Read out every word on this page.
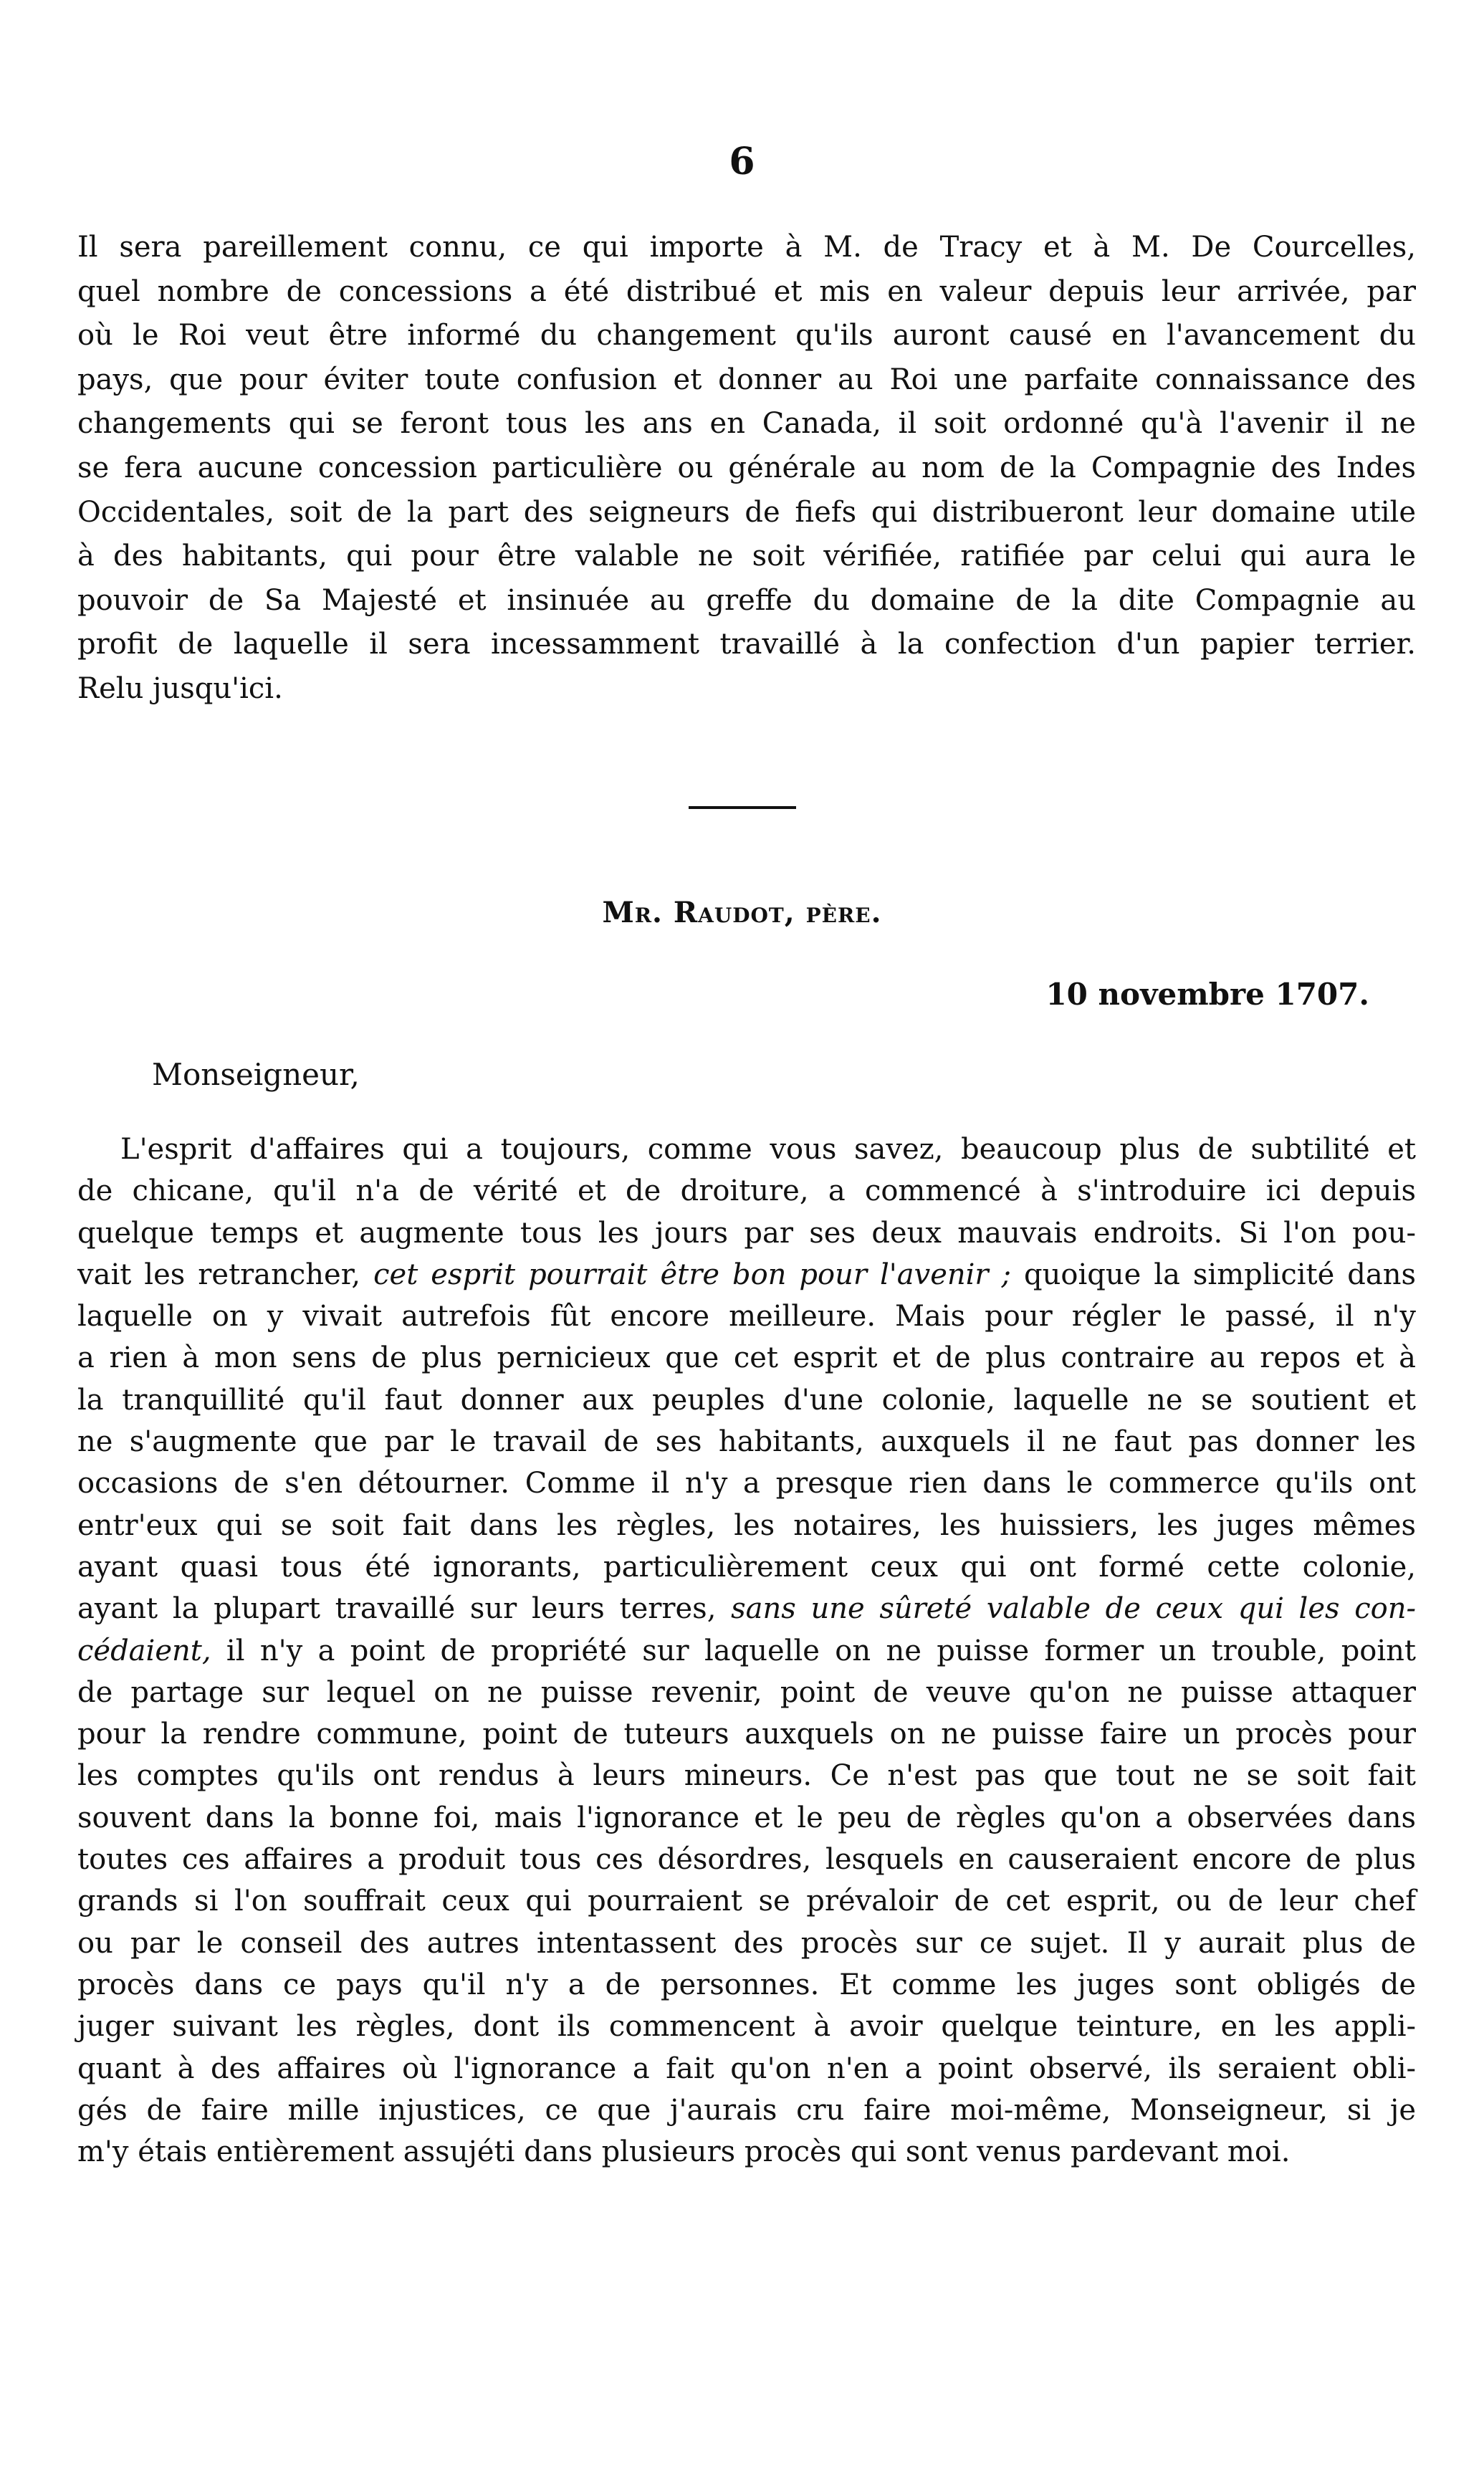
6
Il sera pareillement connu, ce qui importe à M. de Tracy et à M. De Courcelles,
quel nombre de concessions a été distribué et mis en valeur depuis leur arrivée, par
où le Roi veut être informé du changement qu'ils auront causé en l'avancement du
pays, que pour éviter toute confusion et donner au Roi une parfaite connaissance des
changements qui se feront tous les ans en Canada, il soit ordonné qu'à l'avenir il ne
se fera aucune concession particulière ou générale au nom de la Compagnie des Indes
Occidentales, soit de la part des seigneurs de fiefs qui distribueront leur domaine utile
à des habitants, qui pour être valable ne soit vérifiée, ratifiée par celui qui aura le
pouvoir de Sa Majesté et insinuée au greffe du domaine de la dite Compagnie au
profit de laquelle il sera incessamment travaillé à la confection d'un papier terrier.
Relu jusqu'ici.
Mr. Raudot, père.
10 novembre 1707.
Monseigneur,
L'esprit d'affaires qui a toujours, comme vous savez, beaucoup plus de subtilité et
de chicane, qu'il n'a de vérité et de droiture, a commencé à s'introduire ici depuis
quelque temps et augmente tous les jours par ses deux mauvais endroits. Si l'on pou-
vait les retrancher, cet esprit pourrait être bon pour l'avenir ; quoique la simplicité dans
laquelle on y vivait autrefois fût encore meilleure. Mais pour régler le passé, il n'y
a rien à mon sens de plus pernicieux que cet esprit et de plus contraire au repos et à
la tranquillité qu'il faut donner aux peuples d'une colonie, laquelle ne se soutient et
ne s'augmente que par le travail de ses habitants, auxquels il ne faut pas donner les
occasions de s'en détourner. Comme il n'y a presque rien dans le commerce qu'ils ont
entr'eux qui se soit fait dans les règles, les notaires, les huissiers, les juges mêmes
ayant quasi tous été ignorants, particulièrement ceux qui ont formé cette colonie,
ayant la plupart travaillé sur leurs terres, sans une sûreté valable de ceux qui les con-
cédaient, il n'y a point de propriété sur laquelle on ne puisse former un trouble, point
de partage sur lequel on ne puisse revenir, point de veuve qu'on ne puisse attaquer
pour la rendre commune, point de tuteurs auxquels on ne puisse faire un procès pour
les comptes qu'ils ont rendus à leurs mineurs. Ce n'est pas que tout ne se soit fait
souvent dans la bonne foi, mais l'ignorance et le peu de règles qu'on a observées dans
toutes ces affaires a produit tous ces désordres, lesquels en causeraient encore de plus
grands si l'on souffrait ceux qui pourraient se prévaloir de cet esprit, ou de leur chef
ou par le conseil des autres intentassent des procès sur ce sujet. Il y aurait plus de
procès dans ce pays qu'il n'y a de personnes. Et comme les juges sont obligés de
juger suivant les règles, dont ils commencent à avoir quelque teinture, en les appli-
quant à des affaires où l'ignorance a fait qu'on n'en a point observé, ils seraient obli-
gés de faire mille injustices, ce que j'aurais cru faire moi-même, Monseigneur, si je
m'y étais entièrement assujéti dans plusieurs procès qui sont venus pardevant moi.
